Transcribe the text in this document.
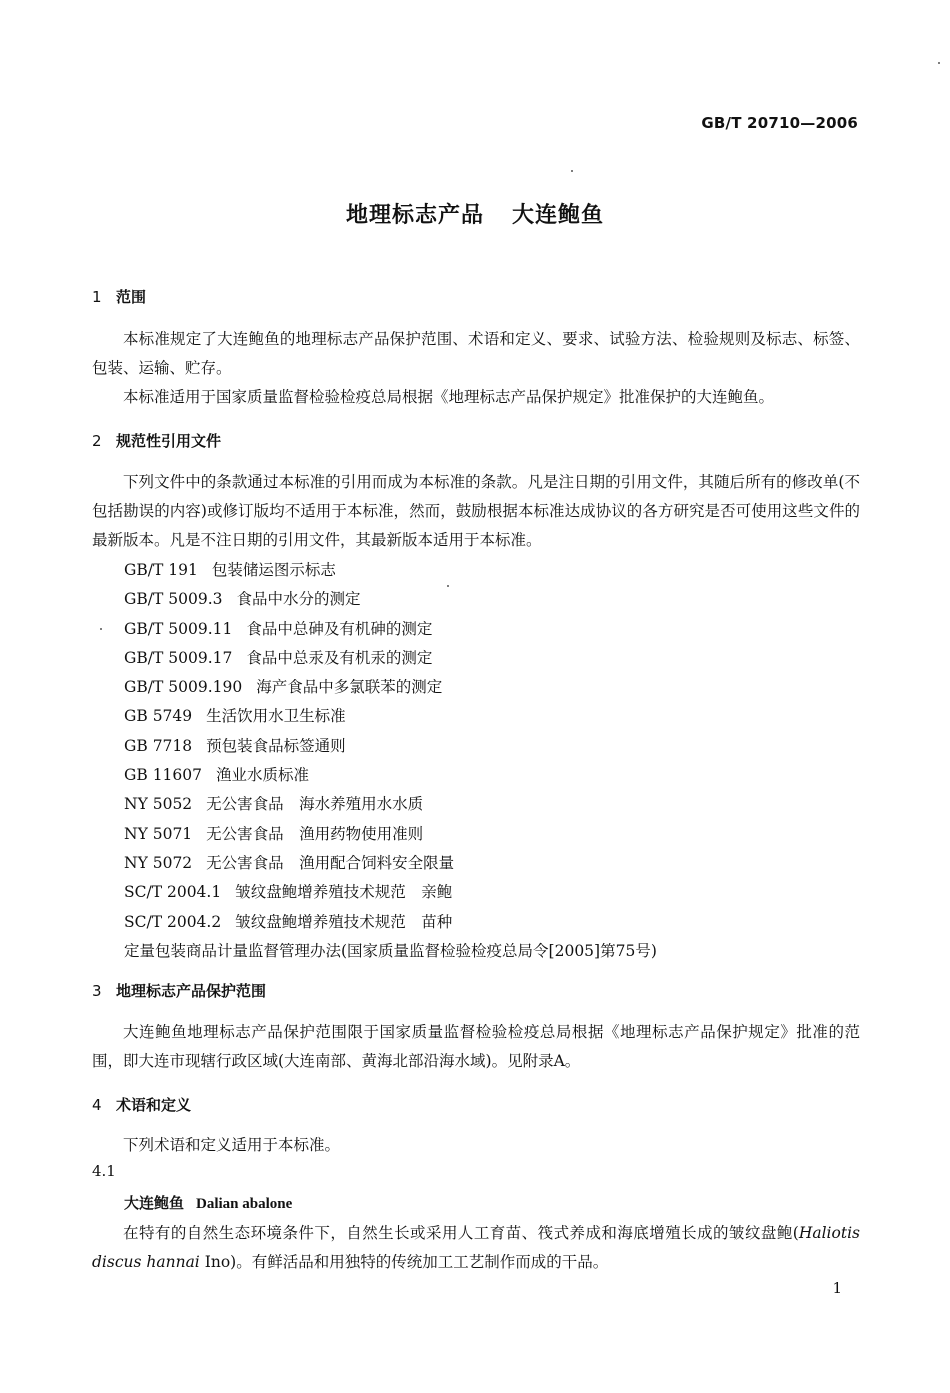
GB/T 20710—2006
地理标志产品 大连鲍鱼
1 范围
本标准规定了大连鲍鱼的地理标志产品保护范围、术语和定义、要求、试验方法、检验规则及标志、标签、包装、运输、贮存。
本标准适用于国家质量监督检验检疫总局根据《地理标志产品保护规定》批准保护的大连鲍鱼。
2 规范性引用文件
下列文件中的条款通过本标准的引用而成为本标准的条款。凡是注日期的引用文件，其随后所有的修改单(不包括勘误的内容)或修订版均不适用于本标准，然而，鼓励根据本标准达成协议的各方研究是否可使用这些文件的最新版本。凡是不注日期的引用文件，其最新版本适用于本标准。
GB/T 191 包装储运图示标志
GB/T 5009.3 食品中水分的测定
GB/T 5009.11 食品中总砷及有机砷的测定
GB/T 5009.17 食品中总汞及有机汞的测定
GB/T 5009.190 海产食品中多氯联苯的测定
GB 5749 生活饮用水卫生标准
GB 7718 预包装食品标签通则
GB 11607 渔业水质标准
NY 5052 无公害食品　海水养殖用水水质
NY 5071 无公害食品　渔用药物使用准则
NY 5072 无公害食品　渔用配合饲料安全限量
SC/T 2004.1 皱纹盘鲍增养殖技术规范　亲鲍
SC/T 2004.2 皱纹盘鲍增养殖技术规范　苗种
定量包装商品计量监督管理办法(国家质量监督检验检疫总局令[2005]第75号)
3 地理标志产品保护范围
大连鲍鱼地理标志产品保护范围限于国家质量监督检验检疫总局根据《地理标志产品保护规定》批准的范围，即大连市现辖行政区域(大连南部、黄海北部沿海水域)。见附录A。
4 术语和定义
下列术语和定义适用于本标准。
4.1
大连鲍鱼 Dalian abalone
在特有的自然生态环境条件下，自然生长或采用人工育苗、筏式养成和海底增殖长成的皱纹盘鲍(Haliotis discus hannai Ino)。有鲜活品和用独特的传统加工工艺制作而成的干品。
1
